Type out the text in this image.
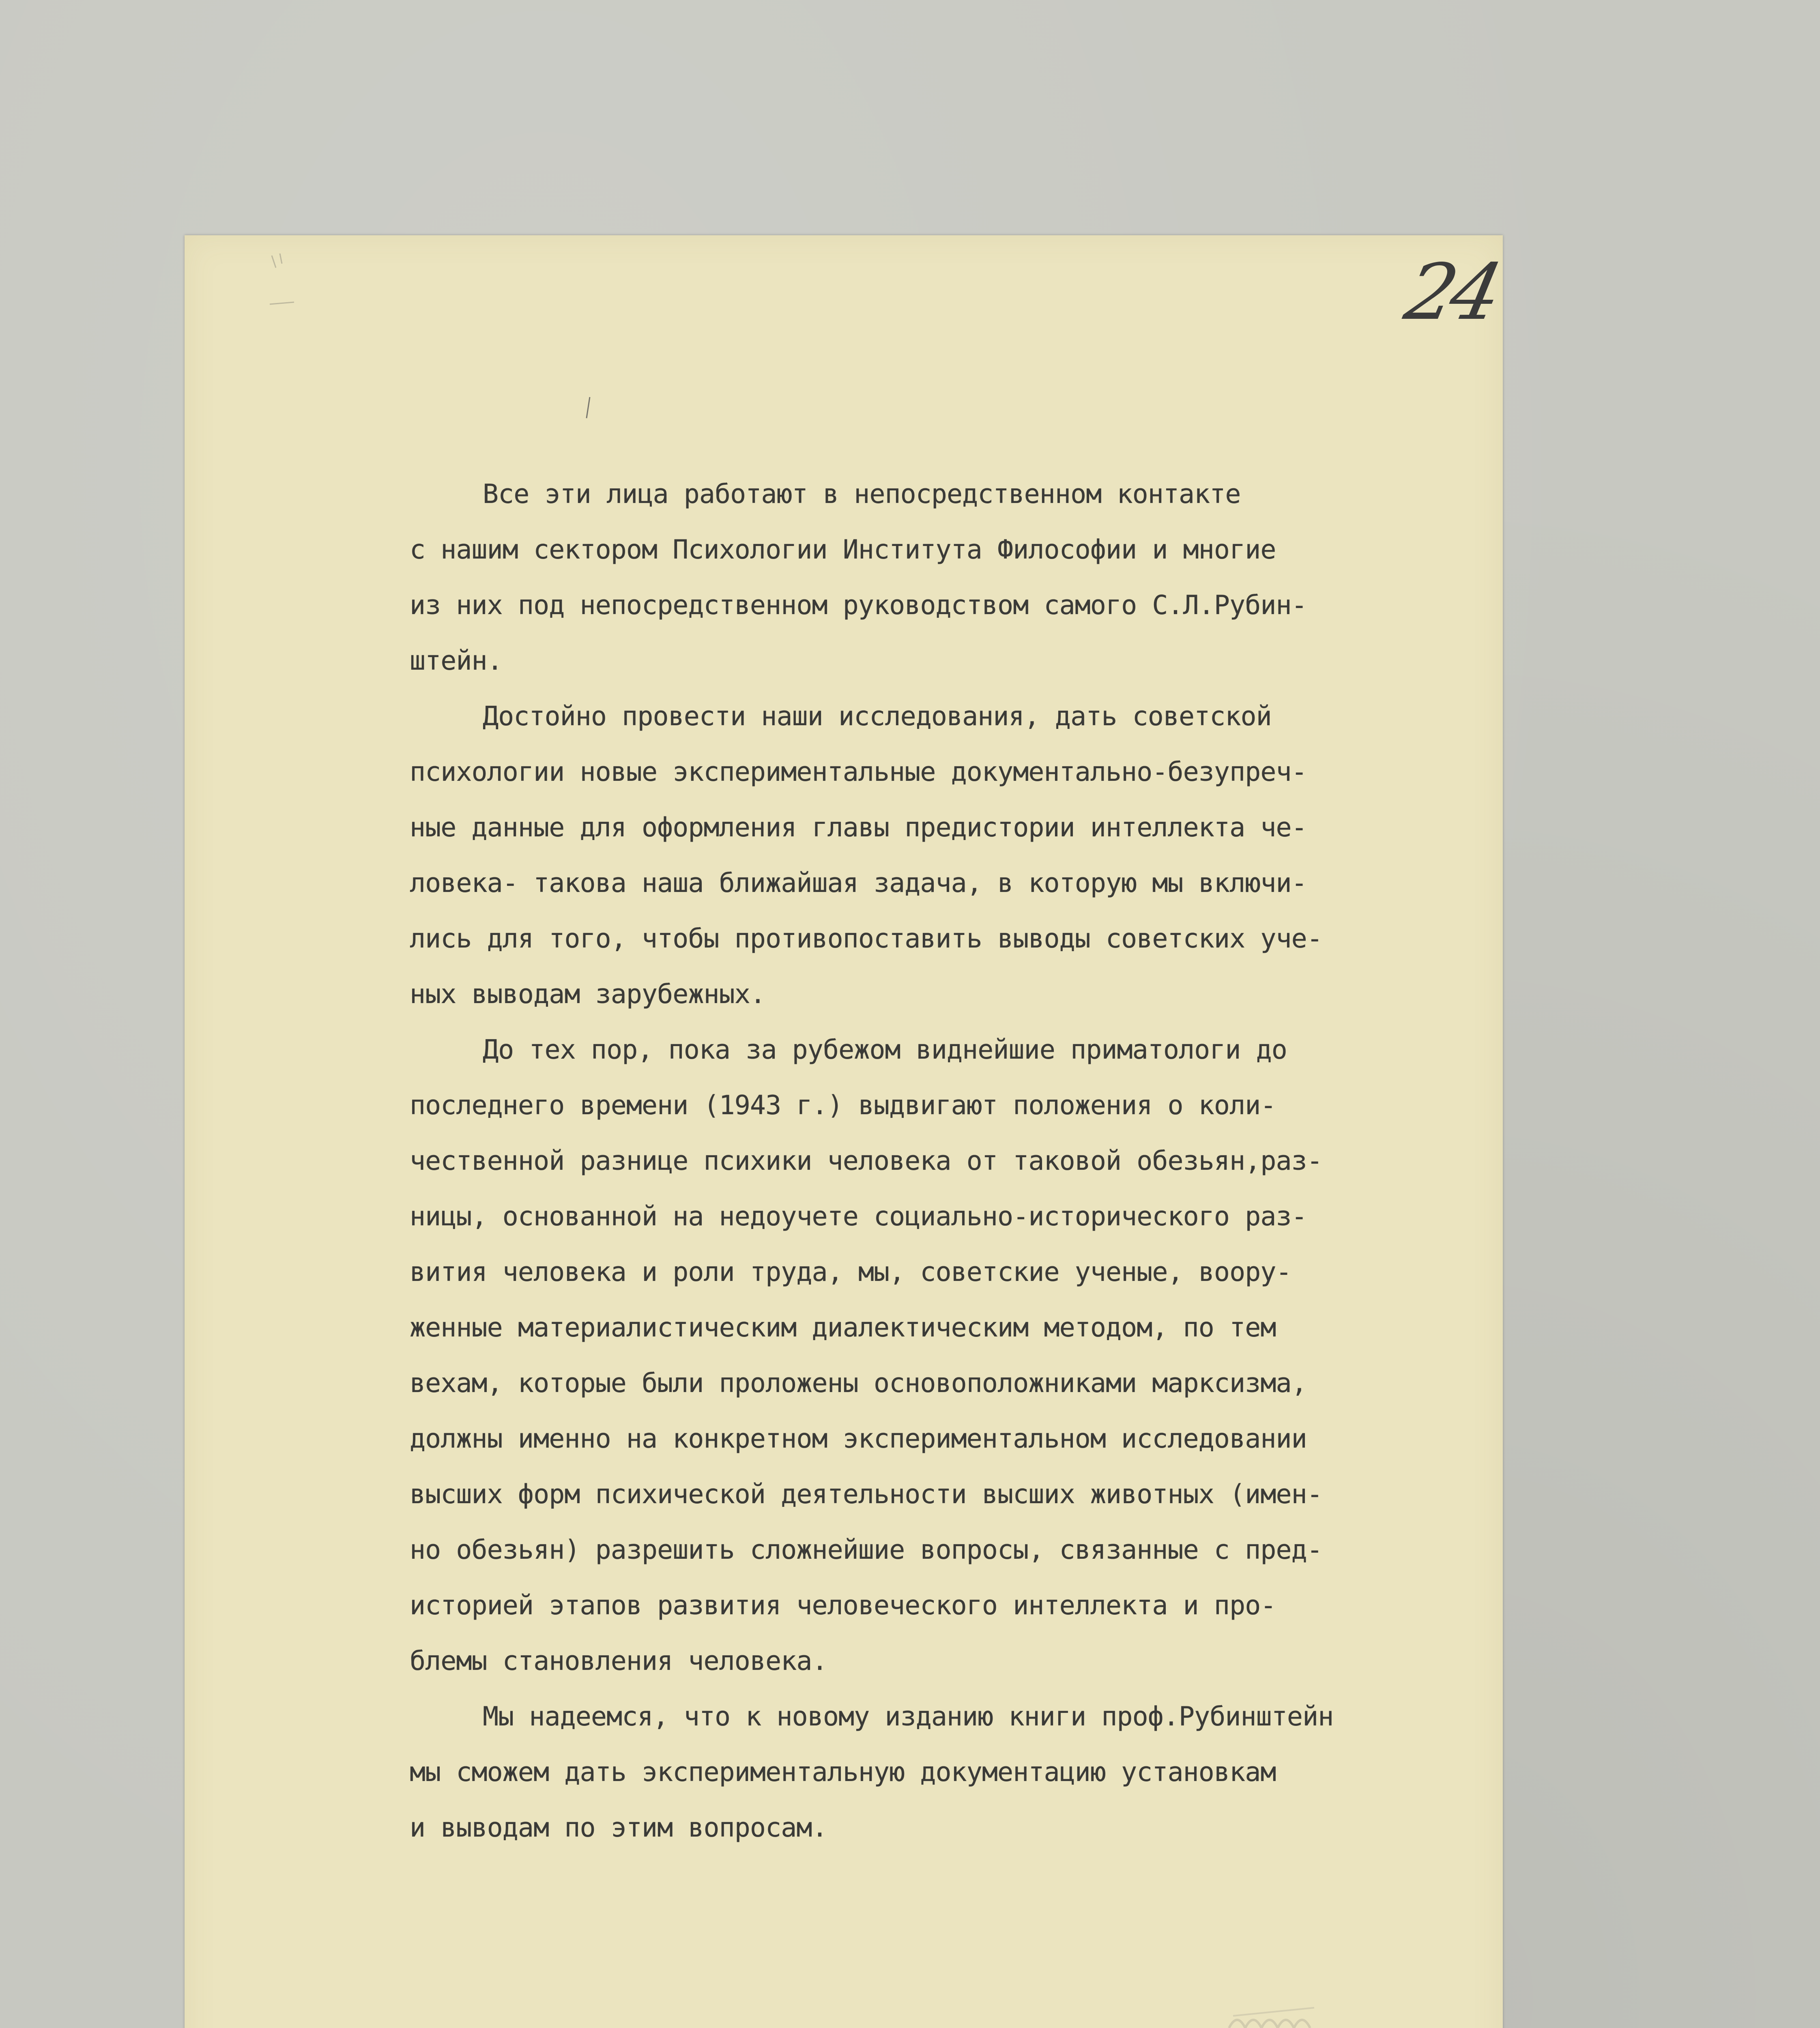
24
Все эти лица работают в непосредственном контакте
с нашим сектором Психологии Института Философии и многие
из них под непосредственном руководством самого С.Л.Рубин-
штейн.
Достойно провести наши исследования, дать советской
психологии новые экспериментальные документально-безупреч-
ные данные для оформления главы предистории интеллекта че-
ловека- такова наша ближайшая задача, в которую мы включи-
лись для того, чтобы противопоставить выводы советских уче-
ных выводам зарубежных.
До тех пор, пока за рубежом виднейшие приматологи до
последнего времени (1943 г.) выдвигают положения о коли-
чественной разнице психики человека от таковой обезьян,раз-
ницы, основанной на недоучете социально-исторического раз-
вития человека и роли труда, мы, советские ученые, воору-
женные материалистическим диалектическим методом, по тем
вехам, которые были проложены основоположниками марксизма,
должны именно на конкретном экспериментальном исследовании
высших форм психической деятельности высших животных (имен-
но обезьян) разрешить сложнейшие вопросы, связанные с пред-
историей этапов развития человеческого интеллекта и про-
блемы становления человека.
Мы надеемся, что к новому изданию книги проф.Рубинштейн
мы сможем дать экспериментальную документацию установкам
и выводам по этим вопросам.
